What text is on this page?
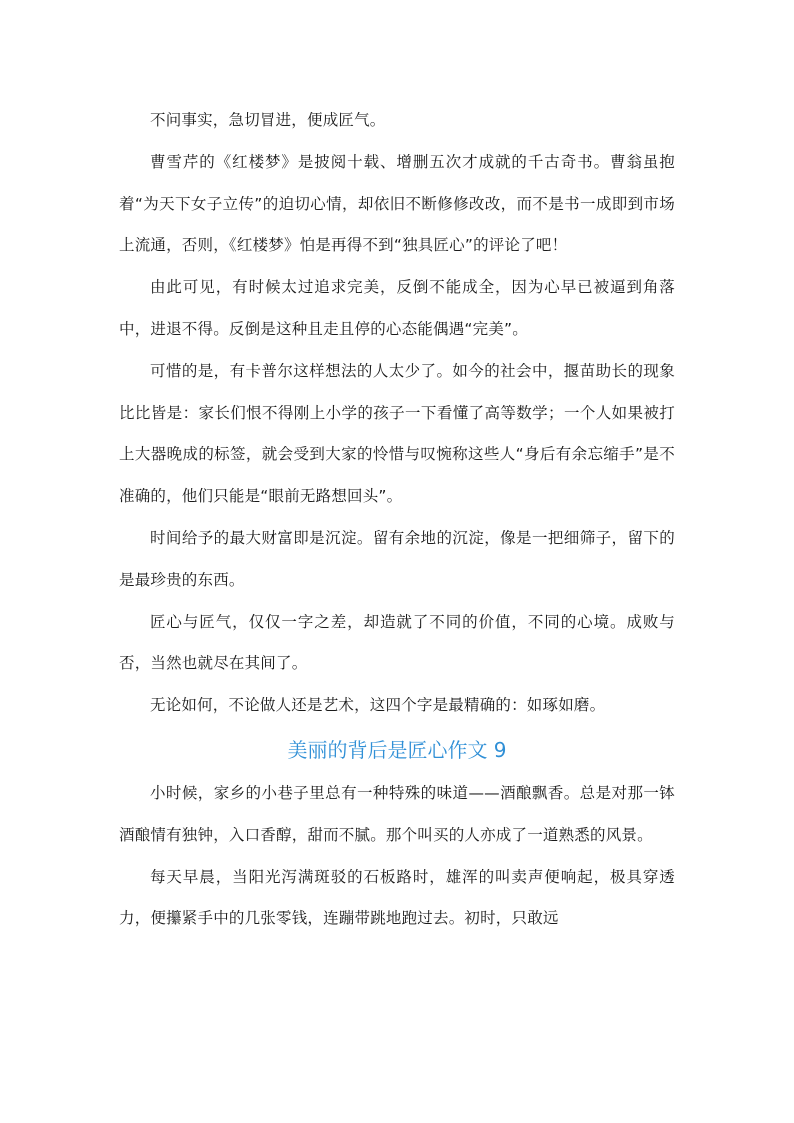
不问事实，急切冒进，便成匠气。

曹雪芹的《红楼梦》是披阅十载、增删五次才成就的千古奇书。曹翁虽抱着“为天下女子立传”的迫切心情，却依旧不断修修改改，而不是书一成即到市场上流通，否则，《红楼梦》怕是再得不到“独具匠心”的评论了吧！

由此可见，有时候太过追求完美，反倒不能成全，因为心早已被逼到角落中，进退不得。反倒是这种且走且停的心态能偶遇“完美”。

可惜的是，有卡普尔这样想法的人太少了。如今的社会中，揠苗助长的现象比比皆是：家长们恨不得刚上小学的孩子一下看懂了高等数学；一个人如果被打上大器晚成的标签，就会受到大家的怜惜与叹惋称这些人“身后有余忘缩手”是不准确的，他们只能是“眼前无路想回头”。

时间给予的最大财富即是沉淀。留有余地的沉淀，像是一把细筛子，留下的是最珍贵的东西。

匠心与匠气，仅仅一字之差，却造就了不同的价值，不同的心境。成败与否，当然也就尽在其间了。

无论如何，不论做人还是艺术，这四个字是最精确的：如琢如磨。

美丽的背后是匠心作文 9

小时候，家乡的小巷子里总有一种特殊的味道——酒酿飘香。总是对那一钵酒酿情有独钟，入口香醇，甜而不腻。那个叫买的人亦成了一道熟悉的风景。

每天早晨，当阳光泻满斑驳的石板路时，雄浑的叫卖声便响起，极具穿透力，便攥紧手中的几张零钱，连蹦带跳地跑过去。初时，只敢远
